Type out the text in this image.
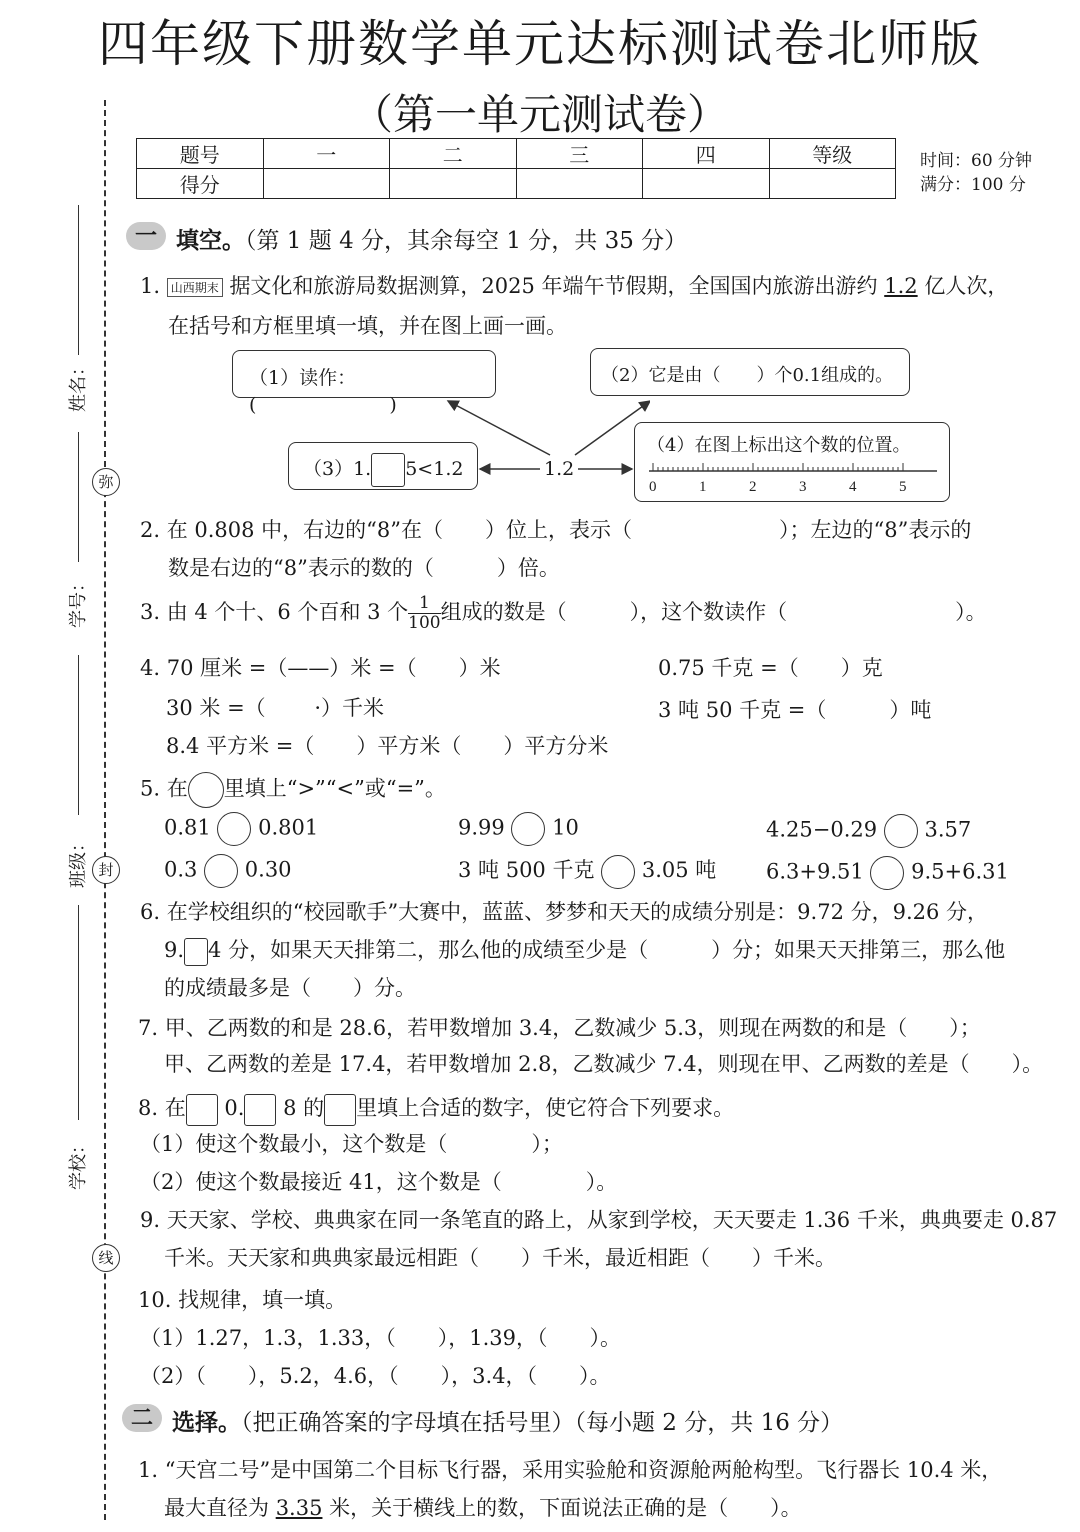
四年级下册数学单元达标测试卷北师版
（第一单元测试卷）
题号	一	二	三	四	等级
得分					
时间：60 分钟
满分：100 分
姓名：
弥
学号：
封
班级：
学校：
线
一 填空。（第 1 题 4 分，其余每空 1 分，共 35 分）
1. 山西期末 据文化和旅游局数据测算，2025 年端午节假期，全国国内旅游出游约 1.2 亿人次，
在括号和方框里填一填，并在图上画一画。
（1）读作：(　　　　　　　)
（2）它是由（　　）个0.1组成的。
（3）1. 5<1.2
（4）在图上标出这个数的位置。
0	1	2	3	4	5
1.2
2. 在 0.808 中，右边的“8”在（　　）位上，表示（　　　　　　　）；左边的“8”表示的
数是右边的“8”表示的数的（　　　）倍。
3. 由 4 个十、6 个百和 3 个 $\frac{1}{100}$ 组成的数是（　　　），这个数读作（　　　　　　　　）。
4. 70 厘米 =（——）米 =（　　）米	0.75 千克 =（　　）克
30 米 =（　　 ·）千米	3 吨 50 千克 =（　　　）吨
8.4 平方米 =（　　）平方米（　　）平方分米
5. 在 里填上“>”“<”或“=”。
0.81 0.801	9.99 10	4.25−0.29 3.57
0.3 0.30	3 吨 500 千克 3.05 吨 6.3+9.51 9.5+6.31
6. 在学校组织的“校园歌手”大赛中，蓝蓝、梦梦和天天的成绩分别是：9.72 分，9.26 分，
9. 4 分，如果天天排第二，那么他的成绩至少是（　　　）分；如果天天排第三，那么他
的成绩最多是（　　）分。
7. 甲、乙两数的和是 28.6，若甲数增加 3.4，乙数减少 5.3，则现在两数的和是（　　）；
甲、乙两数的差是 17.4，若甲数增加 2.8，乙数减少 7.4，则现在甲、乙两数的差是（　　）。
8. 在 0. 8 的 里填上合适的数字，使它符合下列要求。
（1）使这个数最小，这个数是（　　　　）；
（2）使这个数最接近 41，这个数是（　　　　）。
9. 天天家、学校、典典家在同一条笔直的路上，从家到学校，天天要走 1.36 千米，典典要走 0.87
千米。天天家和典典家最远相距（　　）千米，最近相距（　　）千米。
10. 找规律，填一填。
（1）1.27，1.3，1.33，（　　），1.39，（　　）。
（2）（　　），5.2，4.6，（　　），3.4，（　　）。
二 选择。（把正确答案的字母填在括号里）（每小题 2 分，共 16 分）
1. “天宫二号”是中国第二个目标飞行器，采用实验舱和资源舱两舱构型。飞行器长 10.4 米，
最大直径为 3.35 米，关于横线上的数，下面说法正确的是（　　）。
